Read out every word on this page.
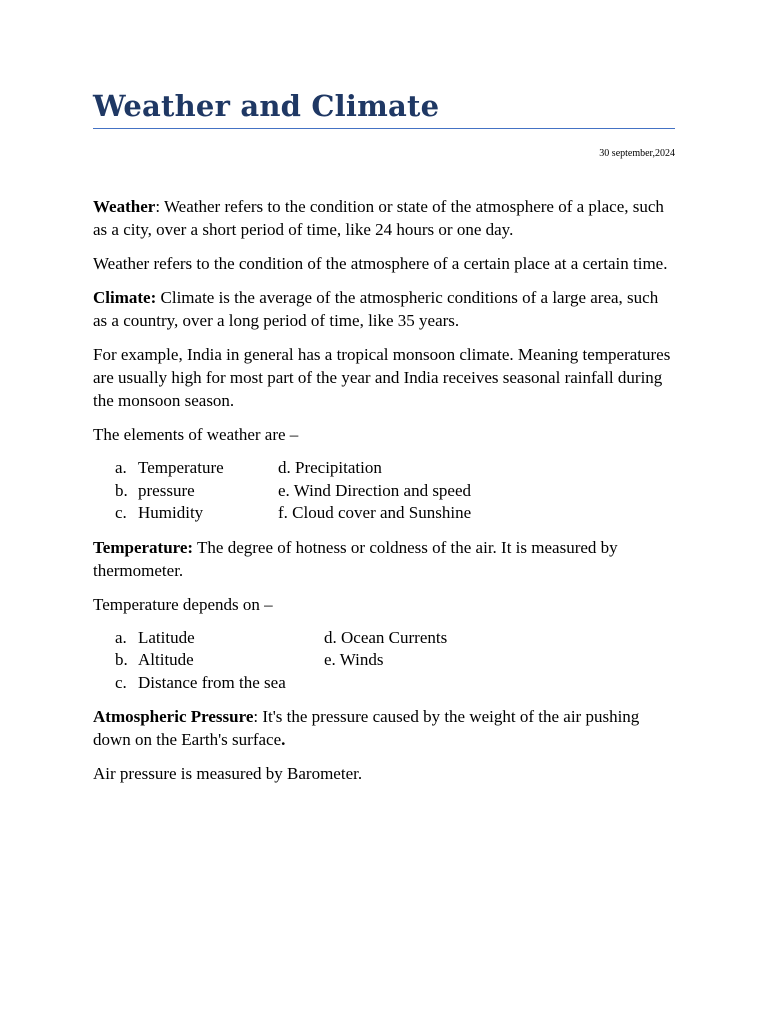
Weather and Climate
30 september,2024

Weather: Weather refers to the condition or state of the atmosphere of a place, such as a city, over a short period of time, like 24 hours or one day.

Weather refers to the condition of the atmosphere of a certain place at a certain time.

Climate: Climate is the average of the atmospheric conditions of a large area, such as a country, over a long period of time, like 35 years.

For example, India in general has a tropical monsoon climate. Meaning temperatures are usually high for most part of the year and India receives seasonal rainfall during the monsoon season.

The elements of weather are –

a. Temperature	d. Precipitation
b. pressure	e. Wind Direction and speed
c. Humidity	f. Cloud cover and Sunshine

Temperature: The degree of hotness or coldness of the air. It is measured by thermometer.

Temperature depends on –

a. Latitude	d. Ocean Currents
b. Altitude	e. Winds
c. Distance from the sea

Atmospheric Pressure: It's the pressure caused by the weight of the air pushing down on the Earth's surface.

Air pressure is measured by Barometer.
